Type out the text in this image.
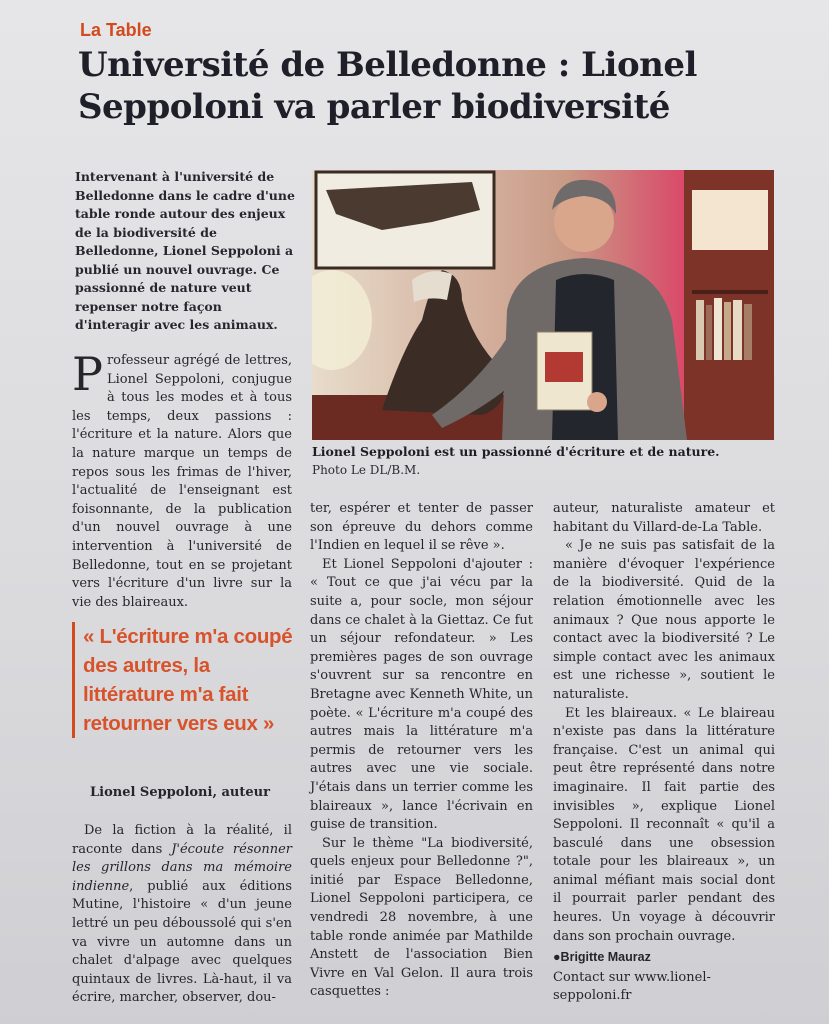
La Table
Université de Belledonne : Lionel Seppoloni va parler biodiversité
Intervenant à l'université de Belledonne dans le cadre d'une table ronde autour des enjeux de la biodiversité de Belledonne, Lionel Seppoloni a publié un nouvel ouvrage. Ce passionné de nature veut repenser notre façon d'interagir avec les animaux.
Lionel Seppoloni est un passionné d'écriture et de nature.
Photo Le DL/B.M.
P rofesseur agrégé de lettres, Lionel Seppoloni, conjugue à tous les modes et à tous les temps, deux passions : l'écriture et la nature. Alors que la nature marque un temps de repos sous les frimas de l'hiver, l'actualité de l'enseignant est foisonnante, de la publication d'un nouvel ouvrage à une intervention à l'université de Belledonne, tout en se projetant vers l'écriture d'un livre sur la vie des blaireaux.
« L'écriture m'a coupé des autres, la littérature m'a fait retourner vers eux »
Lionel Seppoloni, auteur

De la fiction à la réalité, il raconte dans J'écoute résonner les grillons dans ma mémoire indienne, publié aux éditions Mutine, l'histoire « d'un jeune lettré un peu déboussolé qui s'en va vivre un automne dans un chalet d'alpage avec quelques quintaux de livres. Là-haut, il va écrire, marcher, observer, dou-

ter, espérer et tenter de passer son épreuve du dehors comme l'Indien en lequel il se rêve ».

Et Lionel Seppoloni d'ajouter : « Tout ce que j'ai vécu par la suite a, pour socle, mon séjour dans ce chalet à la Giettaz. Ce fut un séjour refondateur. » Les premières pages de son ouvrage s'ouvrent sur sa rencontre en Bretagne avec Kenneth White, un poète. « L'écriture m'a coupé des autres mais la littérature m'a permis de retourner vers les autres avec une vie sociale. J'étais dans un terrier comme les blaireaux », lance l'écrivain en guise de transition.

Sur le thème "La biodiversité, quels enjeux pour Belledonne ?", initié par Espace Belledonne, Lionel Seppoloni participera, ce vendredi 28 novembre, à une table ronde animée par Mathilde Anstett de l'association Bien Vivre en Val Gelon. Il aura trois casquettes :

auteur, naturaliste amateur et habitant du Villard-de-La Table.

« Je ne suis pas satisfait de la manière d'évoquer l'expérience de la biodiversité. Quid de la relation émotionnelle avec les animaux ? Que nous apporte le contact avec la biodiversité ? Le simple contact avec les animaux est une richesse », soutient le naturaliste.

Et les blaireaux. « Le blaireau n'existe pas dans la littérature française. C'est un animal qui peut être représenté dans notre imaginaire. Il fait partie des invisibles », explique Lionel Seppoloni. Il reconnaît « qu'il a basculé dans une obsession totale pour les blaireaux », un animal méfiant mais social dont il pourrait parler pendant des heures. Un voyage à découvrir dans son prochain ouvrage.

●Brigitte Mauraz
Contact sur www.lionel-seppoloni.fr
